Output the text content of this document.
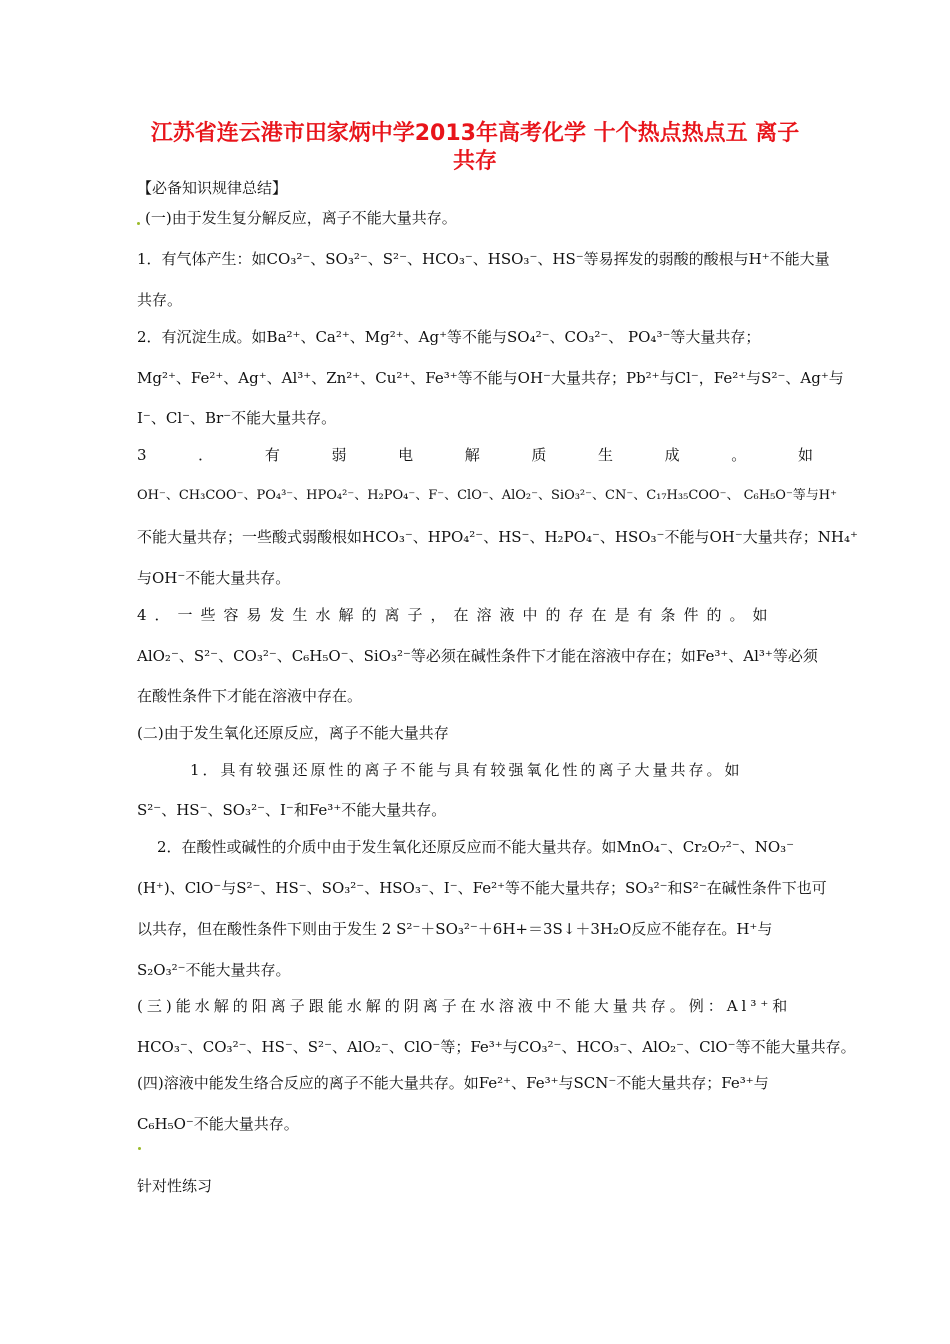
江苏省连云港市田家炳中学2013年高考化学 十个热点热点五 离子
共存
【必备知识规律总结】
(一)由于发生复分解反应，离子不能大量共存。
1．有气体产生：如CO₃²⁻、SO₃²⁻、S²⁻、HCO₃⁻、HSO₃⁻、HS⁻等易挥发的弱酸的酸根与H⁺不能大量
共存。
2．有沉淀生成。如Ba²⁺、Ca²⁺、Mg²⁺、Ag⁺等不能与SO₄²⁻、CO₃²⁻、 PO₄³⁻等大量共存；
Mg²⁺、Fe²⁺、Ag⁺、Al³⁺、Zn²⁺、Cu²⁺、Fe³⁺等不能与OH⁻大量共存；Pb²⁺与Cl⁻，Fe²⁺与S²⁻、Ag⁺与
I⁻、Cl⁻、Br⁻不能大量共存。
3	．	有	弱	电	解	质	生	成	。	如
OH⁻、CH₃COO⁻、PO₄³⁻、HPO₄²⁻、H₂PO₄⁻、F⁻、ClO⁻、AlO₂⁻、SiO₃²⁻、CN⁻、C₁₇H₃₅COO⁻、 C₆H₅O⁻等与H⁺
不能大量共存；一些酸式弱酸根如HCO₃⁻、HPO₄²⁻、HS⁻、H₂PO₄⁻、HSO₃⁻不能与OH⁻大量共存；NH₄⁺
与OH⁻不能大量共存。
4．一些容易发生水解的离子，在溶液中的存在是有条件的。如
AlO₂⁻、S²⁻、CO₃²⁻、C₆H₅O⁻、SiO₃²⁻等必须在碱性条件下才能在溶液中存在；如Fe³⁺、Al³⁺等必须
在酸性条件下才能在溶液中存在。
(二)由于发生氧化还原反应，离子不能大量共存
1．具有较强还原性的离子不能与具有较强氧化性的离子大量共存。如
S²⁻、HS⁻、SO₃²⁻、I⁻和Fe³⁺不能大量共存。
2．在酸性或碱性的介质中由于发生氧化还原反应而不能大量共存。如MnO₄⁻、Cr₂O₇²⁻、NO₃⁻
(H⁺)、ClO⁻与S²⁻、HS⁻、SO₃²⁻、HSO₃⁻、I⁻、Fe²⁺等不能大量共存；SO₃²⁻和S²⁻在碱性条件下也可
以共存，但在酸性条件下则由于发生 2 S²⁻＋SO₃²⁻＋6H+＝3S↓＋3H₂O反应不能存在。H⁺与
S₂O₃²⁻不能大量共存。
(三)能水解的阳离子跟能水解的阴离子在水溶液中不能大量共存。例：Al³⁺和
HCO₃⁻、CO₃²⁻、HS⁻、S²⁻、AlO₂⁻、ClO⁻等；Fe³⁺与CO₃²⁻、HCO₃⁻、AlO₂⁻、ClO⁻等不能大量共存。
(四)溶液中能发生络合反应的离子不能大量共存。如Fe²⁺、Fe³⁺与SCN⁻不能大量共存；Fe³⁺与
C₆H₅O⁻不能大量共存。
针对性练习
